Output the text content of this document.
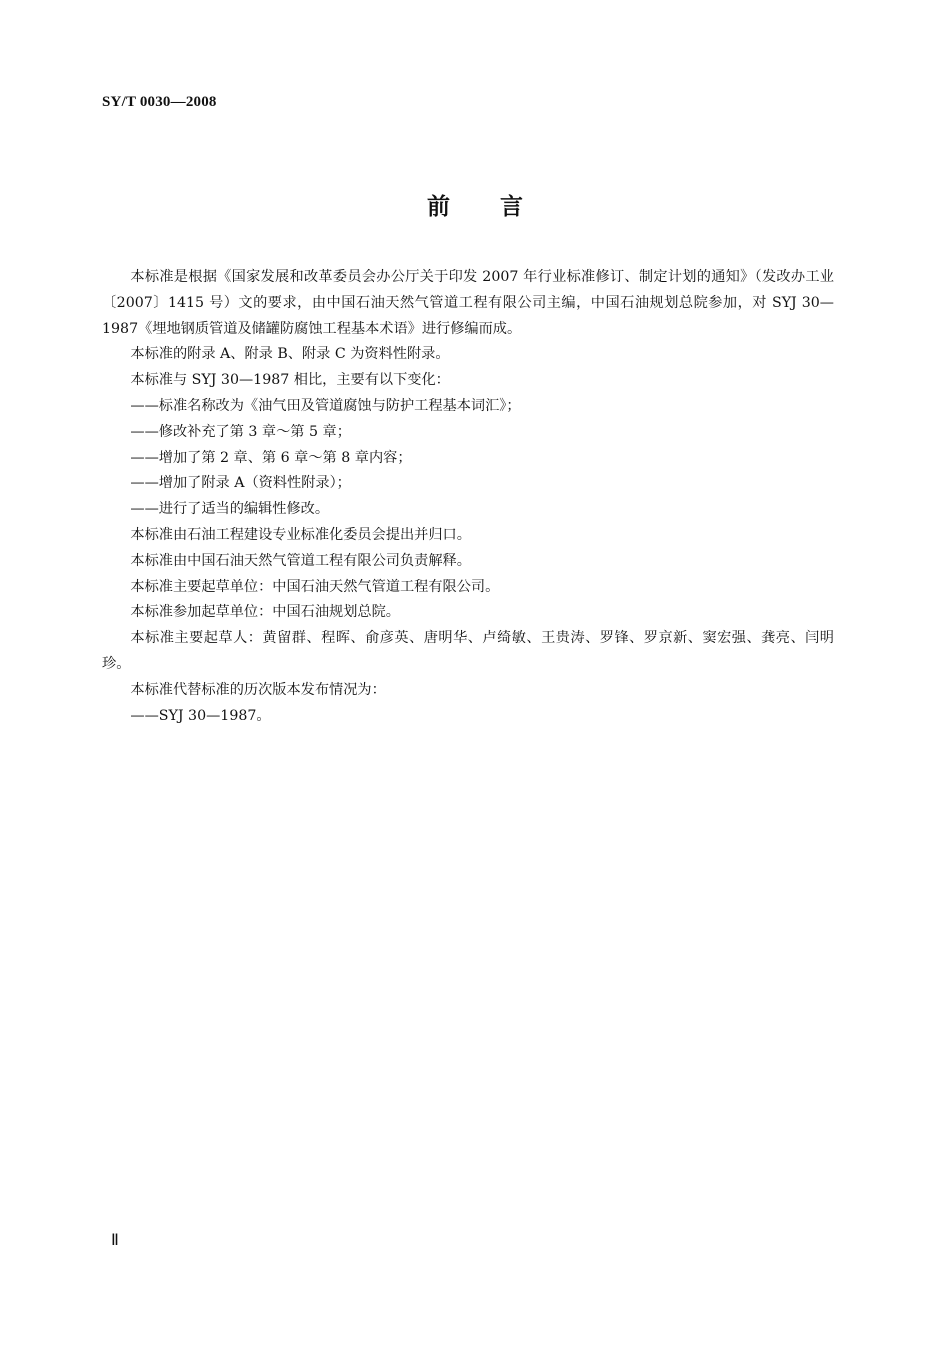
SY/T 0030—2008
前 言

本标准是根据《国家发展和改革委员会办公厅关于印发 2007 年行业标准修订、制定计划的通知》（发改办工业〔2007〕1415 号）文的要求，由中国石油天然气管道工程有限公司主编，中国石油规划总院参加，对 SYJ 30—1987《埋地钢质管道及储罐防腐蚀工程基本术语》进行修编而成。

本标准的附录 A、附录 B、附录 C 为资料性附录。

本标准与 SYJ 30—1987 相比，主要有以下变化：

——标准名称改为《油气田及管道腐蚀与防护工程基本词汇》；

——修改补充了第 3 章～第 5 章；

——增加了第 2 章、第 6 章～第 8 章内容；

——增加了附录 A（资料性附录）；

——进行了适当的编辑性修改。

本标准由石油工程建设专业标准化委员会提出并归口。

本标准由中国石油天然气管道工程有限公司负责解释。

本标准主要起草单位：中国石油天然气管道工程有限公司。

本标准参加起草单位：中国石油规划总院。

本标准主要起草人：黄留群、程晖、俞彦英、唐明华、卢绮敏、王贵涛、罗锋、罗京新、窦宏强、龚亮、闫明珍。

本标准代替标准的历次版本发布情况为：

——SYJ 30—1987。

Ⅱ
